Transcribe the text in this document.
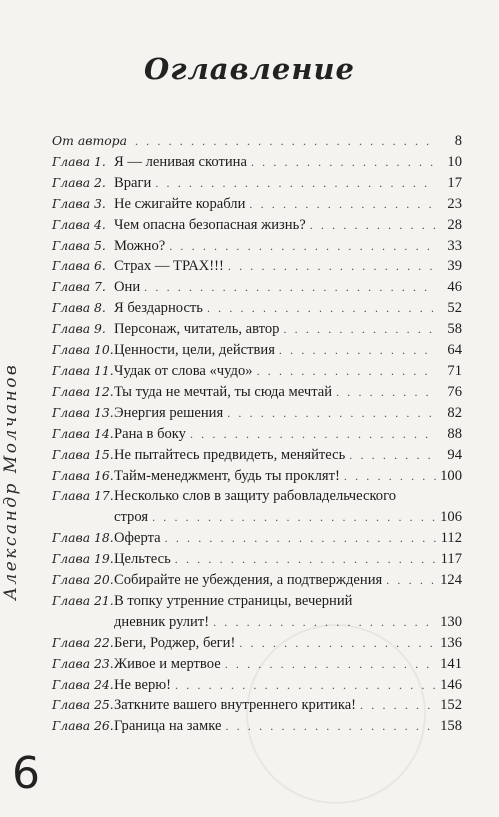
Оглавление
От автора . . .	8
Глава 1. Я — ленивая скотина . . .	10
Глава 2. Враги . . .	17
Глава 3. Не сжигайте корабли . . .	23
Глава 4. Чем опасна безопасная жизнь? . . .	28
Глава 5. Можно? . . .	33
Глава 6. Страх — ТРАХ!!! . . .	39
Глава 7. Они . . .	46
Глава 8. Я бездарность . . .	52
Глава 9. Персонаж, читатель, автор . . .	58
Глава 10. Ценности, цели, действия . . .	64
Глава 11. Чудак от слова «чудо» . . .	71
Глава 12. Ты туда не мечтай, ты сюда мечтай . . .	76
Глава 13. Энергия решения . . .	82
Глава 14. Рана в боку . . .	88
Глава 15. Не пытайтесь предвидеть, меняйтесь . . .	94
Глава 16. Тайм-менеджмент, будь ты проклят! . . .	100
Глава 17. Несколько слов в защиту рабовладельческого
строя . . .	106
Глава 18. Оферта . . .	112
Глава 19. Цельтесь . . .	117
Глава 20. Собирайте не убеждения, а подтверждения . . .	124
Глава 21. В топку утренние страницы, вечерний
дневник рулит! . . .	130
Глава 22. Беги, Роджер, беги! . . .	136
Глава 23. Живое и мертвое . . .	141
Глава 24. Не верю! . . .	146
Глава 25. Заткните вашего внутреннего критика! . . .	152
Глава 26. Граница на замке . . .	158
Александр Молчанов
6
